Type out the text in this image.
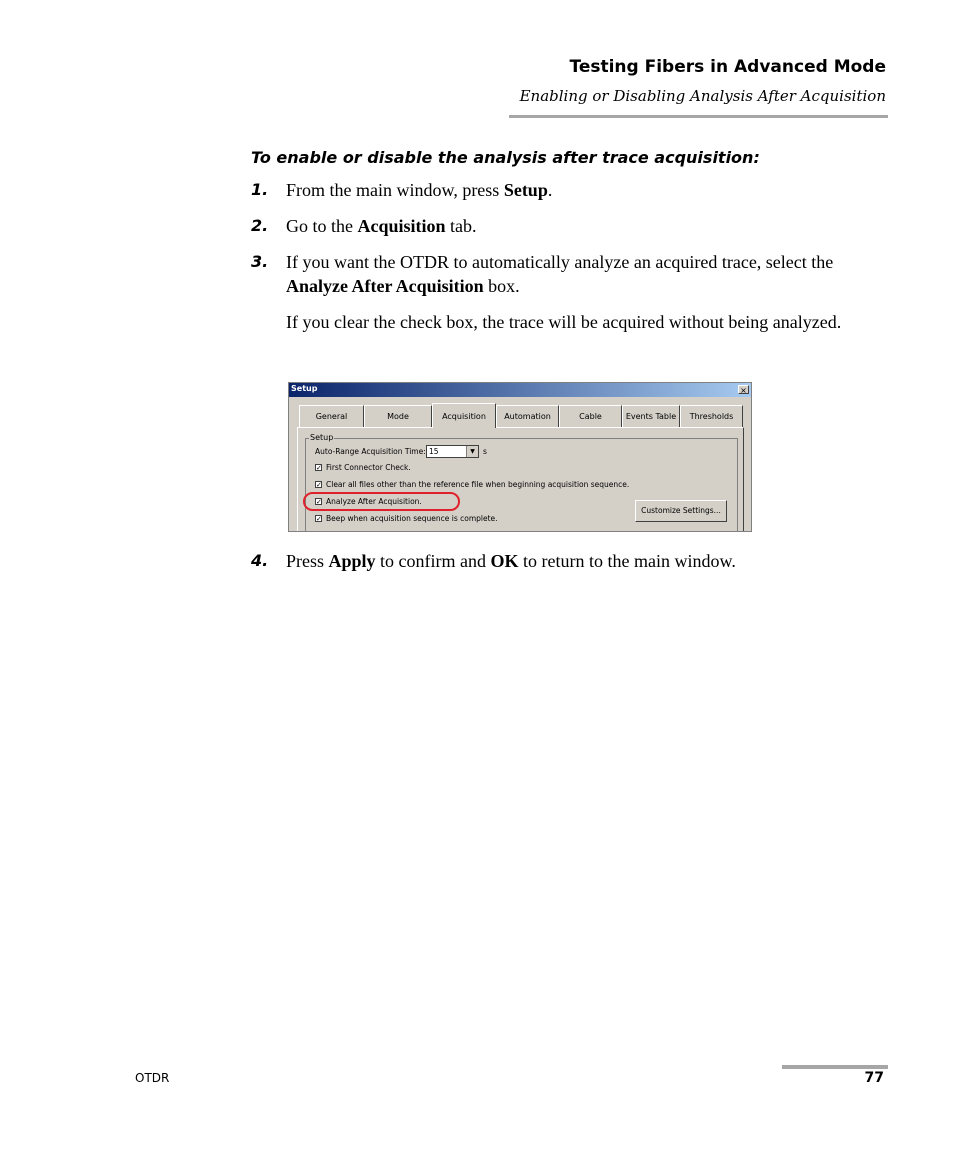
Testing Fibers in Advanced Mode
Enabling or Disabling Analysis After Acquisition
To enable or disable the analysis after trace acquisition:
1. From the main window, press Setup.
2. Go to the Acquisition tab.
3. If you want the OTDR to automatically analyze an acquired trace, select the Analyze After Acquisition box.
If you clear the check box, the trace will be acquired without being analyzed.
Setup	×
General	Mode	Acquisition	Automation	Cable	Events Table	Thresholds
Setup
Auto-Range Acquisition Time: 15	▼	s
✓ First Connector Check.
✓ Clear all files other than the reference file when beginning acquisition sequence.
✓ Analyze After Acquisition.
✓ Beep when acquisition sequence is complete.
Customize Settings...
4. Press Apply to confirm and OK to return to the main window.
OTDR	77
